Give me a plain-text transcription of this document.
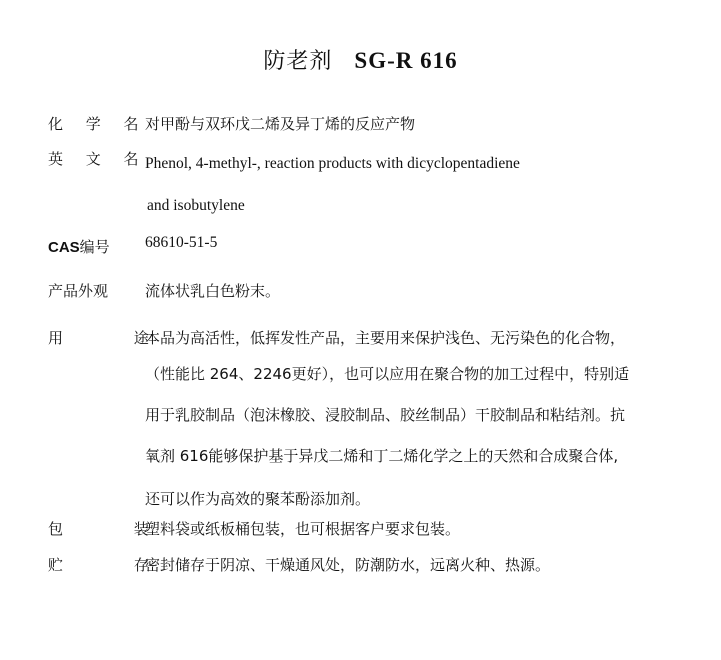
防老剂 SG-R 616
化 学 名
对甲酚与双环戊二烯及异丁烯的反应产物
英 文 名
Phenol, 4-methyl-, reaction products with dicyclopentadiene
and isobutylene
CAS编号 68610-51-5
产品外观 流体状乳白色粉末。
用 途
本品为高活性，低挥发性产品，主要用来保护浅色、无污染色的化合物，
（性能比 264、2246更好），也可以应用在聚合物的加工过程中，特别适
用于乳胶制品（泡沫橡胶、浸胶制品、胶丝制品）干胶制品和粘结剂。抗
氧剂 616能够保护基于异戊二烯和丁二烯化学之上的天然和合成聚合体,
还可以作为高效的聚苯酚添加剂。
包 装
塑料袋或纸板桶包装，也可根据客户要求包装。
贮 存
密封储存于阴凉、干燥通风处，防潮防水，远离火种、热源。
